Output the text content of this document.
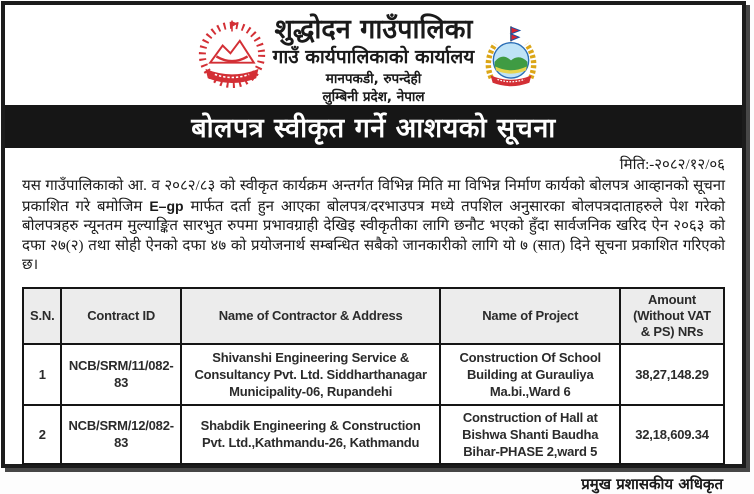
शुद्धोदन गाउँपालिका
गाउँ कार्यपालिकाको कार्यालय
मानपकडी, रुपन्देही
लुम्बिनी प्रदेश, नेपाल
बोलपत्र स्वीकृत गर्ने आशयको सूचना
मिति:-२०८२/१२/०६
यस गाउँपालिकाको आ. व २०८२/८३ को स्वीकृत कार्यक्रम अन्तर्गत विभिन्न मिति मा विभिन्न निर्माण कार्यको बोलपत्र आव्हानको सूचना प्रकाशित गरे बमोजिम E–gp मार्फत दर्ता हुन आएका बोलपत्र/दरभाउपत्र मध्ये तपशिल अनुसारका बोलपत्रदाताहरुले पेश गरेको बोलपत्रहरु न्यूनतम मुल्याङ्कित सारभुत रुपमा प्रभावग्राही देखिइ स्वीकृतीका लागि छनौट भएको हुँदा सार्वजनिक खरिद ऐन २०६३ को दफा २७(२) तथा सोही ऐनको दफा ४७ को प्रयोजनार्थ सम्बन्धित सबैको जानकारीको लागि यो ७ (सात) दिने सूचना प्रकाशित गरिएको छ।
S.N.	Contract ID	Name of Contractor & Address	Name of Project	Amount (Without VAT & PS) NRs
1	NCB/SRM/11/082-83	Shivanshi Engineering Service & Consultancy Pvt. Ltd. Siddharthanagar Municipality-06, Rupandehi	Construction Of School Building at Gurauliya Ma.bi.,Ward 6	38,27,148.29
2	NCB/SRM/12/082-83	Shabdik Engineering & Construction Pvt. Ltd.,Kathmandu-26, Kathmandu	Construction of Hall at Bishwa Shanti Baudha Bihar-PHASE 2,ward 5	32,18,609.34
प्रमुख प्रशासकीय अधिकृत
